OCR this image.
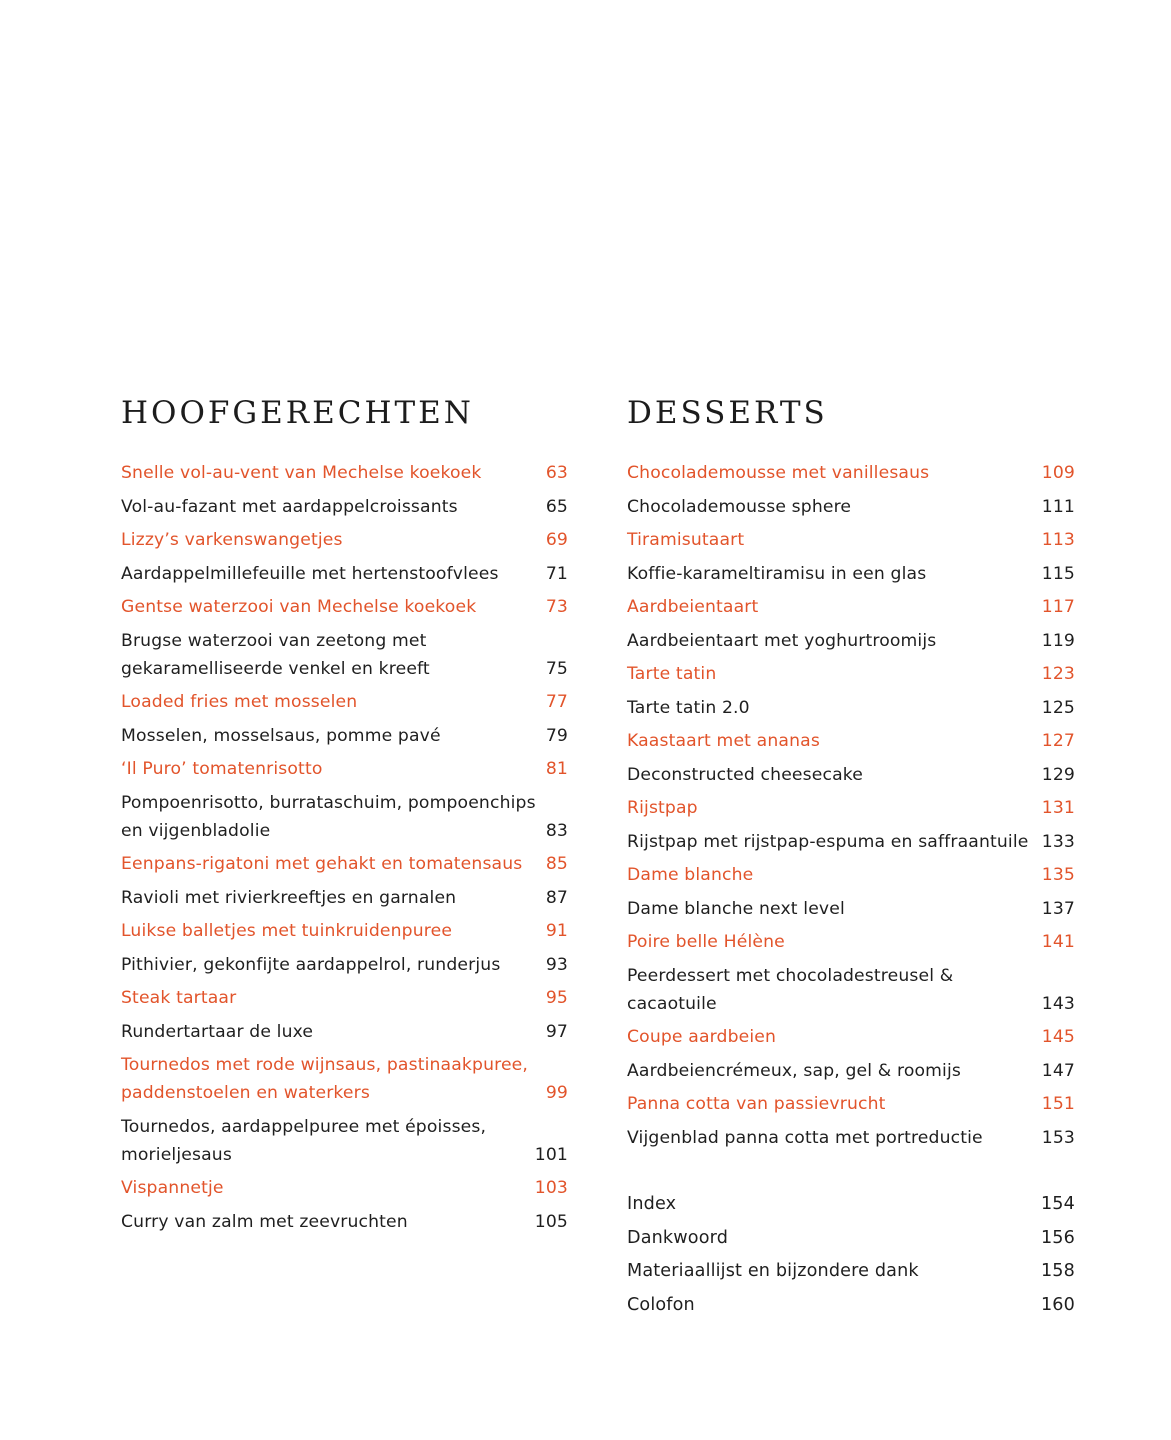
HOOFGERECHTEN
Snelle vol-au-vent van Mechelse koekoek	63
Vol-au-fazant met aardappelcroissants	65
Lizzy’s varkenswangetjes	69
Aardappelmillefeuille met hertenstoofvlees	71
Gentse waterzooi van Mechelse koekoek	73
Brugse waterzooi van zeetong met gekaramelliseerde venkel en kreeft	75
Loaded fries met mosselen	77
Mosselen, mosselsaus, pomme pavé	79
‘Il Puro’ tomatenrisotto	81
Pompoenrisotto, burrataschuim, pompoenchips en vijgenbladolie	83
Eenpans-rigatoni met gehakt en tomatensaus	85
Ravioli met rivierkreeftjes en garnalen	87
Luikse balletjes met tuinkruidenpuree	91
Pithivier, gekonfijte aardappelrol, runderjus	93
Steak tartaar	95
Rundertartaar de luxe	97
Tournedos met rode wijnsaus, pastinaakpuree, paddenstoelen en waterkers	99
Tournedos, aardappelpuree met époisses, morieljesaus	101
Vispannetje	103
Curry van zalm met zeevruchten	105
DESSERTS
Chocolademousse met vanillesaus	109
Chocolademousse sphere	111
Tiramisutaart	113
Koffie-karameltiramisu in een glas	115
Aardbeientaart	117
Aardbeientaart met yoghurtroomijs	119
Tarte tatin	123
Tarte tatin 2.0	125
Kaastaart met ananas	127
Deconstructed cheesecake	129
Rijstpap	131
Rijstpap met rijstpap-espuma en saffraantuile 133
Dame blanche	135
Dame blanche next level	137
Poire belle Hélène	141
Peerdessert met chocoladestreusel & cacaotuile	143
Coupe aardbeien	145
Aardbeiencrémeux, sap, gel & roomijs	147
Panna cotta van passievrucht	151
Vijgenblad panna cotta met portreductie	153
Index	154
Dankwoord	156
Materiaallijst en bijzondere dank	158
Colofon	160
